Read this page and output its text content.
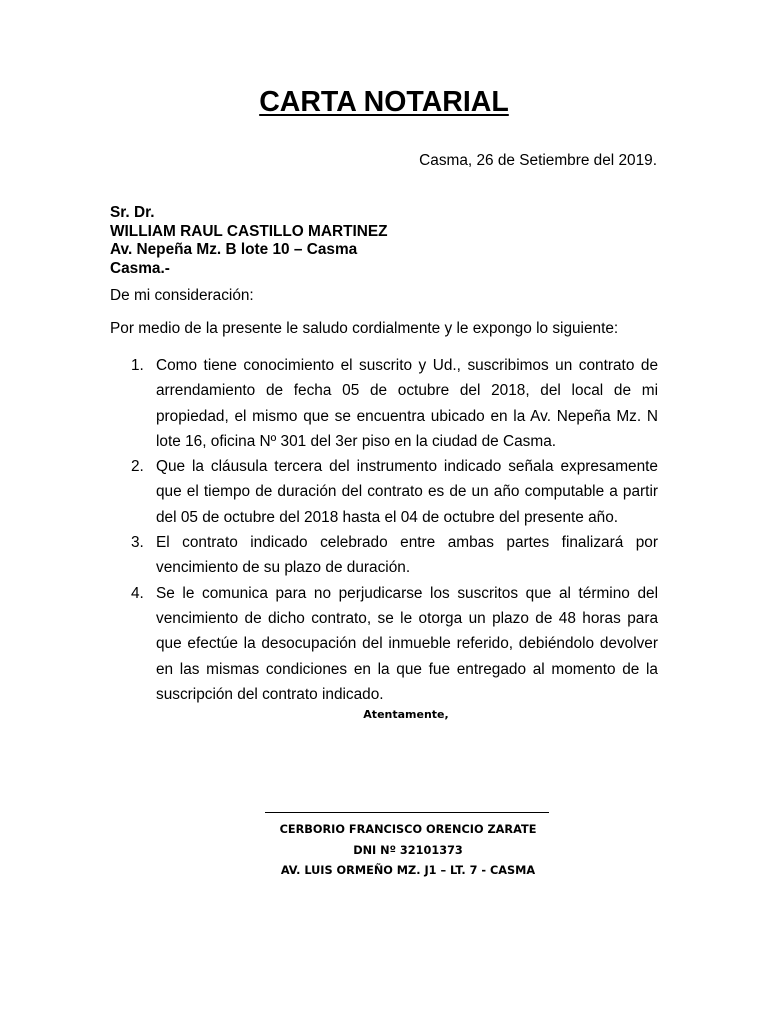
CARTA NOTARIAL
Casma, 26 de Setiembre del 2019.
Sr. Dr.
WILLIAM RAUL CASTILLO MARTINEZ
Av. Nepeña Mz. B lote 10 – Casma
Casma.-
De mi consideración:
Por medio de la presente le saludo cordialmente y le expongo lo siguiente:
1. Como tiene conocimiento el suscrito y Ud., suscribimos un contrato de arrendamiento de fecha 05 de octubre del 2018, del local de mi propiedad, el mismo que se encuentra ubicado en la Av. Nepeña Mz. N lote 16, oficina Nº 301 del 3er piso en la ciudad de Casma.
2. Que la cláusula tercera del instrumento indicado señala expresamente que el tiempo de duración del contrato es de un año computable a partir del 05 de octubre del 2018 hasta el 04 de octubre del presente año.
3. El contrato indicado celebrado entre ambas partes finalizará por vencimiento de su plazo de duración.
4. Se le comunica para no perjudicarse los suscritos que al término del vencimiento de dicho contrato, se le otorga un plazo de 48 horas para que efectúe la desocupación del inmueble referido, debiéndolo devolver en las mismas condiciones en la que fue entregado al momento de la suscripción del contrato indicado.
Atentamente,
CERBORIO FRANCISCO ORENCIO ZARATE
DNI Nº 32101373
AV. LUIS ORMEÑO MZ. J1 – LT. 7 - CASMA
